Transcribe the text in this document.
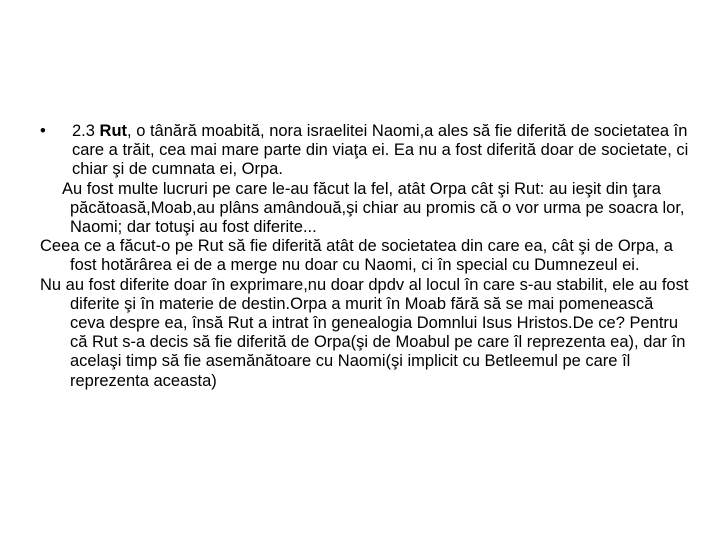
•	2.3 Rut, o tânără moabită, nora israelitei Naomi,a ales să fie diferită de societatea în care a trăit, cea mai mare parte din viaţa ei. Ea nu a fost diferită doar de societate, ci chiar şi de cumnata ei, Orpa.

Au fost multe lucruri pe care le-au făcut la fel, atât Orpa cât şi Rut: au ieşit din ţara păcătoasă,Moab,au plâns amândouă,şi chiar au promis că o vor urma pe soacra lor, Naomi; dar totuşi au fost diferite...

Ceea ce a făcut-o pe Rut să fie diferită atât de societatea din care ea, cât şi de Orpa, a fost hotărârea ei de a merge nu doar cu Naomi, ci în special cu Dumnezeul ei.

Nu au fost diferite doar în exprimare,nu doar dpdv al locul în care s-au stabilit, ele au fost diferite şi în materie de destin.Orpa a murit în Moab fără să se mai pomenească ceva despre ea, însă Rut a intrat în genealogia Domnlui Isus Hristos.De ce? Pentru că Rut s-a decis să fie diferită de Orpa(şi de Moabul pe care îl reprezenta ea), dar în acelaşi timp să fie asemănătoare cu Naomi(şi implicit cu Betleemul pe care îl reprezenta aceasta)
